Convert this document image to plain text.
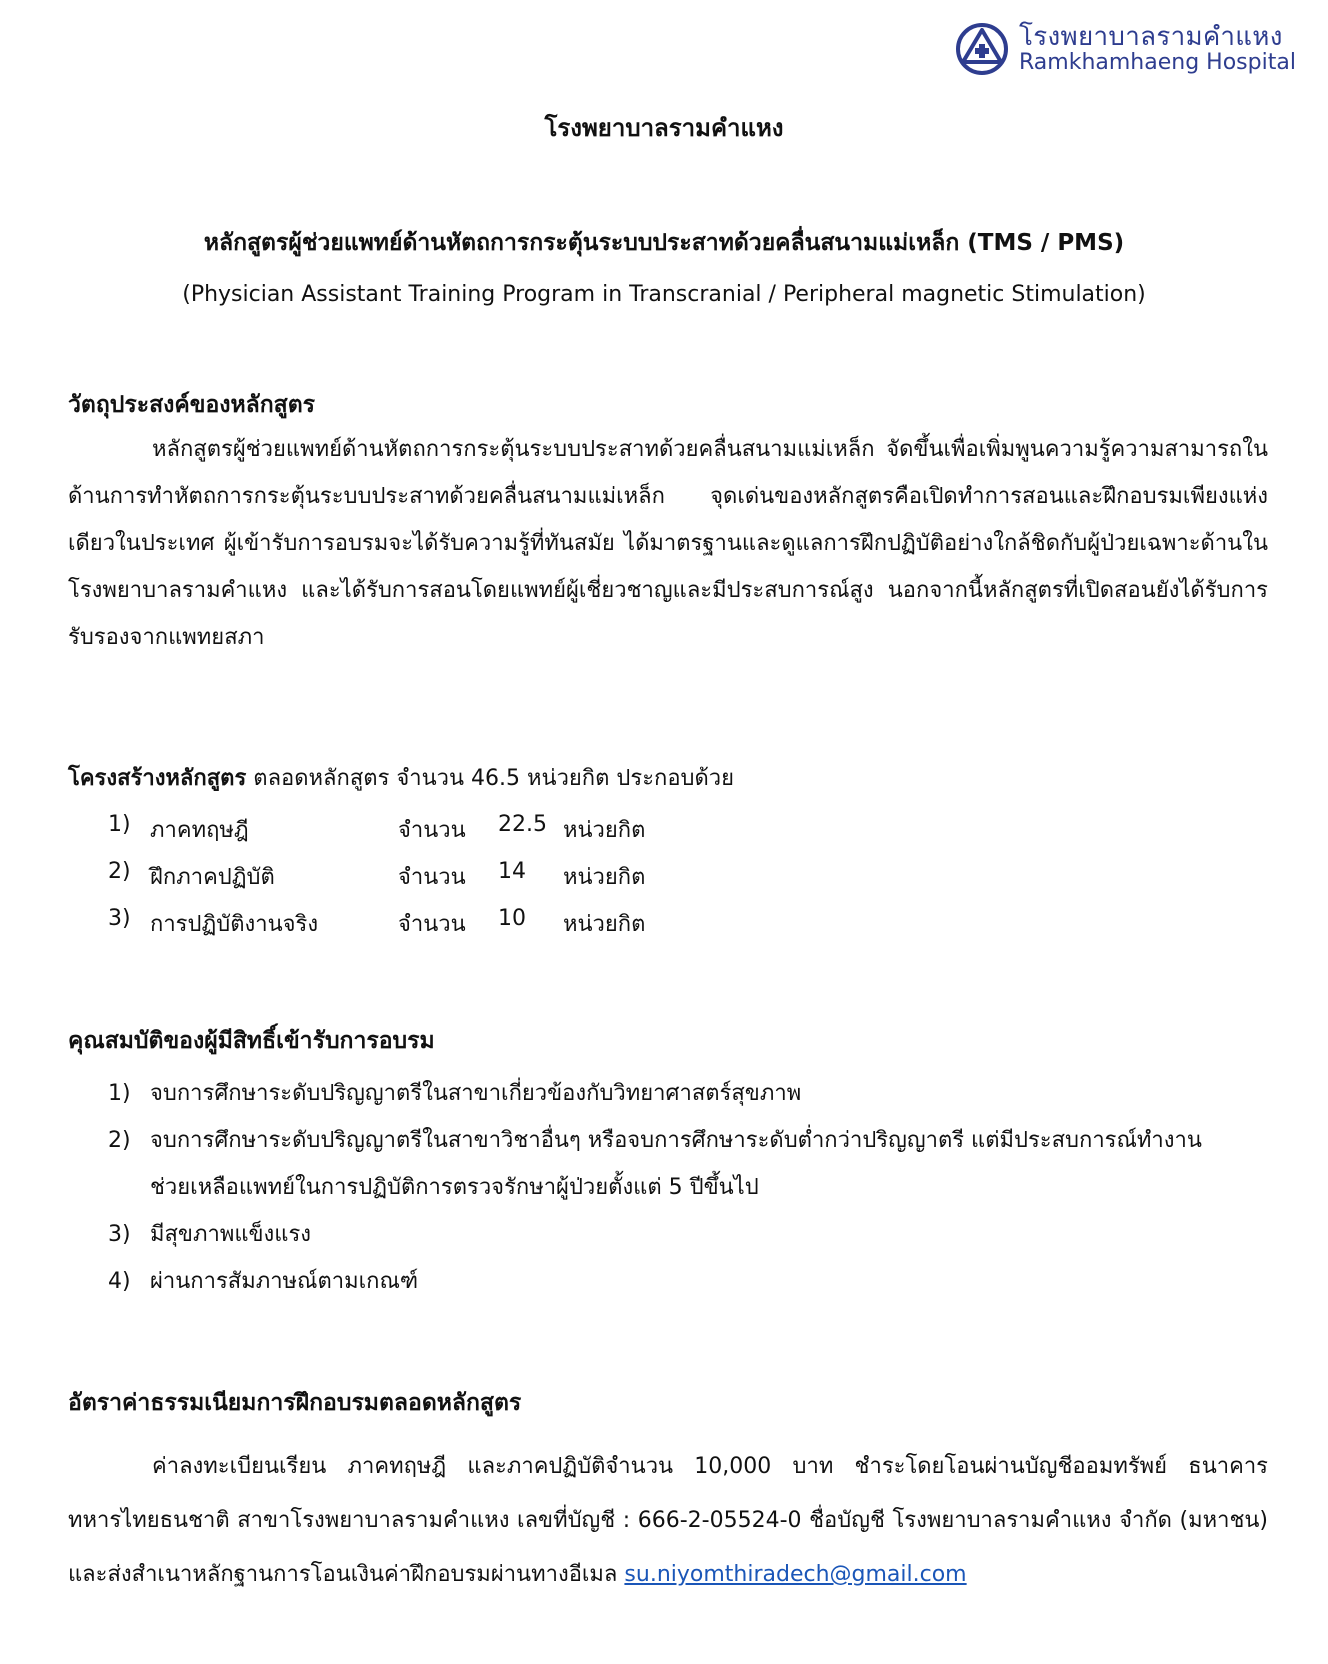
โรงพยาบาลรามคำแหง
Ramkhamhaeng Hospital
โรงพยาบาลรามคำแหง
หลักสูตรผู้ช่วยแพทย์ด้านหัตถการกระตุ้นระบบประสาทด้วยคลื่นสนามแม่เหล็ก (TMS / PMS)
(Physician Assistant Training Program in Transcranial / Peripheral magnetic Stimulation)
วัตถุประสงค์ของหลักสูตร

หลักสูตรผู้ช่วยแพทย์ด้านหัตถการกระตุ้นระบบประสาทด้วยคลื่นสนามแม่เหล็ก จัดขึ้นเพื่อเพิ่มพูนความรู้ความสามารถในด้านการทำหัตถการกระตุ้นระบบประสาทด้วยคลื่นสนามแม่เหล็ก จุดเด่นของหลักสูตรคือเปิดทำการสอนและฝึกอบรมเพียงแห่งเดียวในประเทศ ผู้เข้ารับการอบรมจะได้รับความรู้ที่ทันสมัย ได้มาตรฐานและดูแลการฝึกปฏิบัติอย่างใกล้ชิดกับผู้ป่วยเฉพาะด้านในโรงพยาบาลรามคำแหง และได้รับการสอนโดยแพทย์ผู้เชี่ยวชาญและมีประสบการณ์สูง นอกจากนี้หลักสูตรที่เปิดสอนยังได้รับการรับรองจากแพทยสภา

โครงสร้างหลักสูตร ตลอดหลักสูตร จำนวน 46.5 หน่วยกิต ประกอบด้วย
1) ภาคทฤษฎี	จำนวน 22.5 หน่วยกิต
2) ฝึกภาคปฏิบัติ	จำนวน 14 หน่วยกิต
3) การปฏิบัติงานจริง	จำนวน 10 หน่วยกิต
คุณสมบัติของผู้มีสิทธิ์เข้ารับการอบรม
1) จบการศึกษาระดับปริญญาตรีในสาขาเกี่ยวข้องกับวิทยาศาสตร์สุขภาพ
2) จบการศึกษาระดับปริญญาตรีในสาขาวิชาอื่นๆ หรือจบการศึกษาระดับต่ำกว่าปริญญาตรี แต่มีประสบการณ์ทำงานช่วยเหลือแพทย์ในการปฏิบัติการตรวจรักษาผู้ป่วยตั้งแต่ 5 ปีขึ้นไป
3) มีสุขภาพแข็งแรง
4) ผ่านการสัมภาษณ์ตามเกณฑ์
อัตราค่าธรรมเนียมการฝึกอบรมตลอดหลักสูตร

ค่าลงทะเบียนเรียน ภาคทฤษฎี และภาคปฏิบัติจำนวน 10,000 บาท ชำระโดยโอนผ่านบัญชีออมทรัพย์ ธนาคารทหารไทยธนชาติ สาขาโรงพยาบาลรามคำแหง เลขที่บัญชี : 666-2-05524-0 ชื่อบัญชี โรงพยาบาลรามคำแหง จำกัด (มหาชน) และส่งสำเนาหลักฐานการโอนเงินค่าฝึกอบรมผ่านทางอีเมล su.niyomthiradech@gmail.com
